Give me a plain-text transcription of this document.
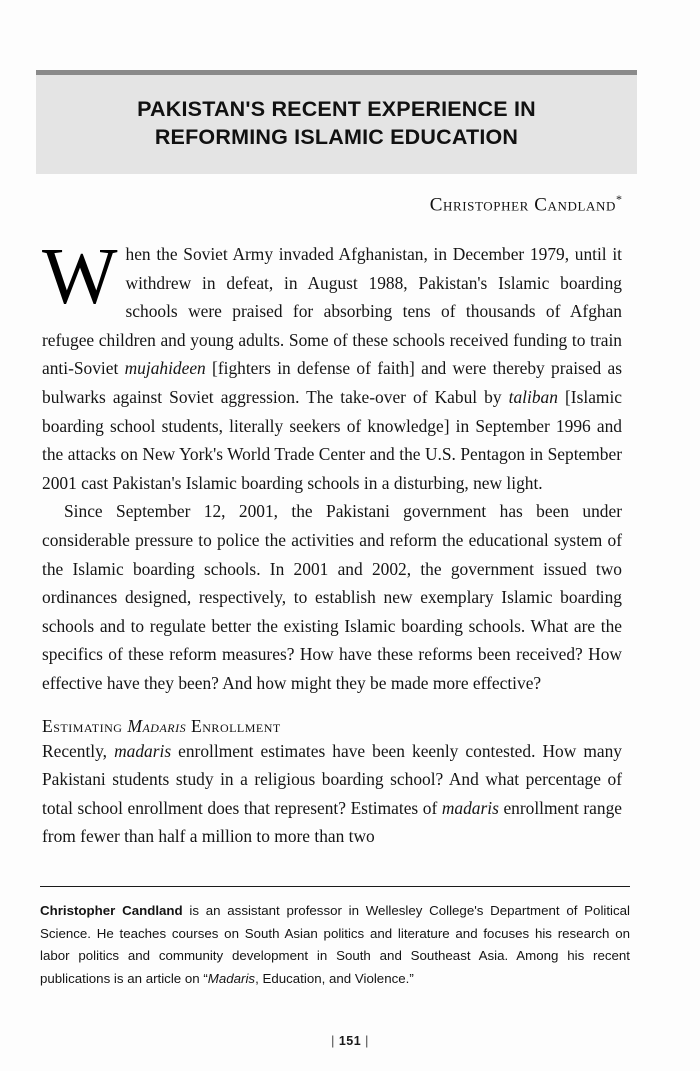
PAKISTAN'S RECENT EXPERIENCE IN
REFORMING ISLAMIC EDUCATION
Christopher Candland*

W hen the Soviet Army invaded Afghanistan, in December 1979, until it withdrew in defeat, in August 1988, Pakistan's Islamic boarding schools were praised for absorbing tens of thousands of Afghan refugee children and young adults. Some of these schools received funding to train anti-Soviet mujahideen [fighters in defense of faith] and were thereby praised as bulwarks against Soviet aggression. The take-over of Kabul by taliban [Islamic boarding school students, literally seekers of knowledge] in September 1996 and the attacks on New York's World Trade Center and the U.S. Pentagon in September 2001 cast Pakistan's Islamic boarding schools in a disturbing, new light.

Since September 12, 2001, the Pakistani government has been under considerable pressure to police the activities and reform the educational system of the Islamic boarding schools. In 2001 and 2002, the government issued two ordinances designed, respectively, to establish new exemplary Islamic boarding schools and to regulate better the existing Islamic boarding schools. What are the specifics of these reform measures? How have these reforms been received? How effective have they been? And how might they be made more effective?

Estimating Madaris Enrollment

Recently, madaris enrollment estimates have been keenly contested. How many Pakistani students study in a religious boarding school? And what percentage of total school enrollment does that represent? Estimates of madaris enrollment range from fewer than half a million to more than two

Christopher Candland is an assistant professor in Wellesley College's Department of Political Science. He teaches courses on South Asian politics and literature and focuses his research on labor politics and community development in South and Southeast Asia. Among his recent publications is an article on “Madaris, Education, and Violence.”

| 151 |
